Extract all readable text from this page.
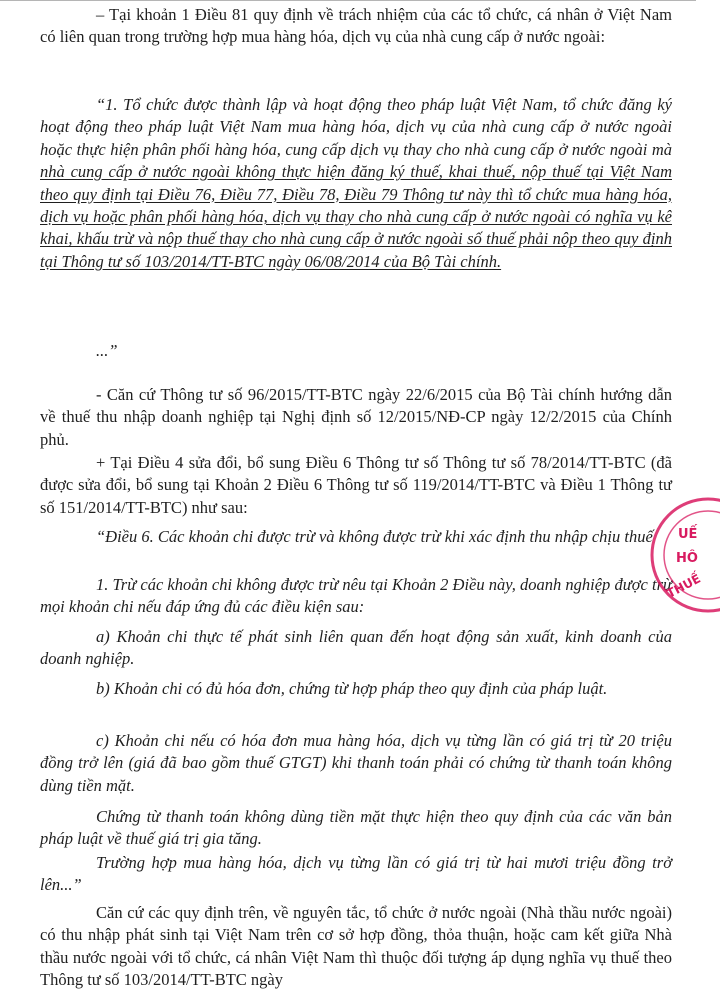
– Tại khoản 1 Điều 81 quy định về trách nhiệm của các tổ chức, cá nhân ở Việt Nam có liên quan trong trường hợp mua hàng hóa, dịch vụ của nhà cung cấp ở nước ngoài:

“1. Tổ chức được thành lập và hoạt động theo pháp luật Việt Nam, tổ chức đăng ký hoạt động theo pháp luật Việt Nam mua hàng hóa, dịch vụ của nhà cung cấp ở nước ngoài hoặc thực hiện phân phối hàng hóa, cung cấp dịch vụ thay cho nhà cung cấp ở nước ngoài mà nhà cung cấp ở nước ngoài không thực hiện đăng ký thuế, khai thuế, nộp thuế tại Việt Nam theo quy định tại Điều 76, Điều 77, Điều 78, Điều 79 Thông tư này thì tổ chức mua hàng hóa, dịch vụ hoặc phân phối hàng hóa, dịch vụ thay cho nhà cung cấp ở nước ngoài có nghĩa vụ kê khai, khấu trừ và nộp thuế thay cho nhà cung cấp ở nước ngoài số thuế phải nộp theo quy định tại Thông tư số 103/2014/TT-BTC ngày 06/08/2014 của Bộ Tài chính.

...”

- Căn cứ Thông tư số 96/2015/TT-BTC ngày 22/6/2015 của Bộ Tài chính hướng dẫn về thuế thu nhập doanh nghiệp tại Nghị định số 12/2015/NĐ-CP ngày 12/2/2015 của Chính phủ.

+ Tại Điều 4 sửa đổi, bổ sung Điều 6 Thông tư số Thông tư số 78/2014/TT-BTC (đã được sửa đổi, bổ sung tại Khoản 2 Điều 6 Thông tư số 119/2014/TT-BTC và Điều 1 Thông tư số 151/2014/TT-BTC) như sau:

“Điều 6. Các khoản chi được trừ và không được trừ khi xác định thu nhập chịu thuế

1. Trừ các khoản chi không được trừ nêu tại Khoản 2 Điều này, doanh nghiệp được trừ mọi khoản chi nếu đáp ứng đủ các điều kiện sau:

a) Khoản chi thực tế phát sinh liên quan đến hoạt động sản xuất, kinh doanh của doanh nghiệp.

b) Khoản chi có đủ hóa đơn, chứng từ hợp pháp theo quy định của pháp luật.

c) Khoản chi nếu có hóa đơn mua hàng hóa, dịch vụ từng lần có giá trị từ 20 triệu đồng trở lên (giá đã bao gồm thuế GTGT) khi thanh toán phải có chứng từ thanh toán không dùng tiền mặt.

Chứng từ thanh toán không dùng tiền mặt thực hiện theo quy định của các văn bản pháp luật về thuế giá trị gia tăng.

Trường hợp mua hàng hóa, dịch vụ từng lần có giá trị từ hai mươi triệu đồng trở lên...”

Căn cứ các quy định trên, về nguyên tắc, tổ chức ở nước ngoài (Nhà thầu nước ngoài) có thu nhập phát sinh tại Việt Nam trên cơ sở hợp đồng, thỏa thuận, hoặc cam kết giữa Nhà thầu nước ngoài với tổ chức, cá nhân Việt Nam thì thuộc đối tượng áp dụng nghĩa vụ thuế theo Thông tư số 103/2014/TT-BTC ngày

UẾ
HÔ
THUẾ
